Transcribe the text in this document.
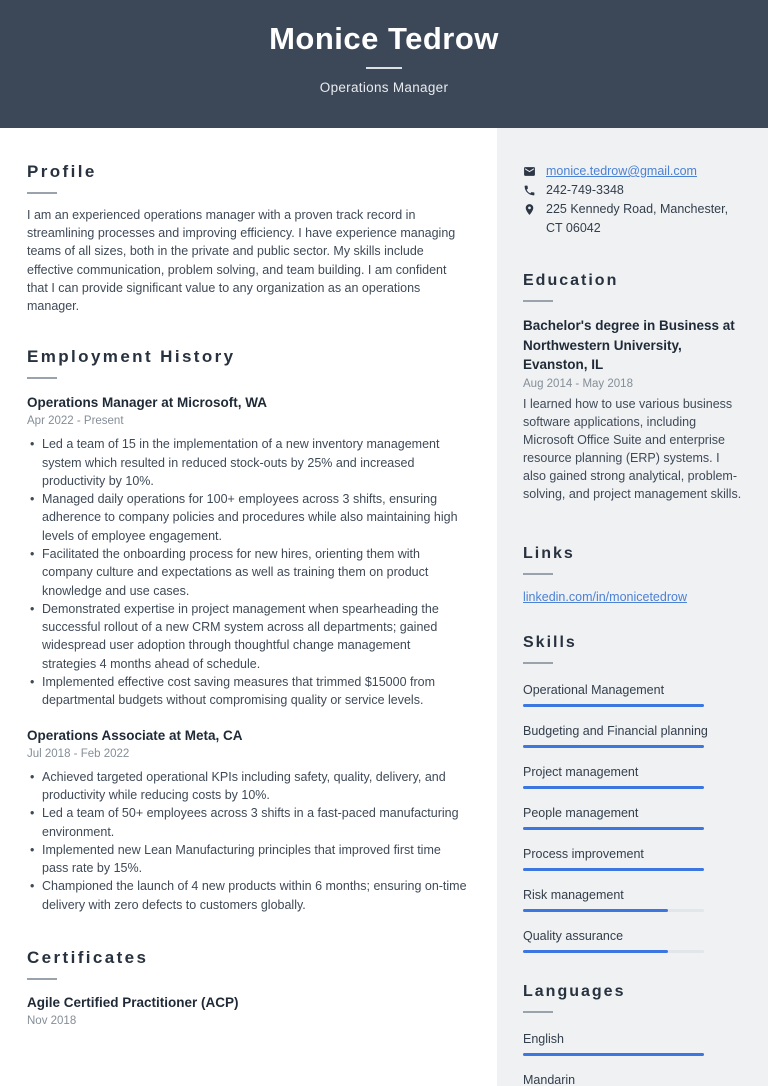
Monice Tedrow
Operations Manager
Profile

I am an experienced operations manager with a proven track record in streamlining processes and improving efficiency. I have experience managing teams of all sizes, both in the private and public sector. My skills include effective communication, problem solving, and team building. I am confident that I can provide significant value to any organization as an operations manager.

Employment History
Operations Manager at Microsoft, WA
Apr 2022 - Present
• Led a team of 15 in the implementation of a new inventory management system which resulted in reduced stock-outs by 25% and increased productivity by 10%.
• Managed daily operations for 100+ employees across 3 shifts, ensuring adherence to company policies and procedures while also maintaining high levels of employee engagement.
• Facilitated the onboarding process for new hires, orienting them with company culture and expectations as well as training them on product knowledge and use cases.
• Demonstrated expertise in project management when spearheading the successful rollout of a new CRM system across all departments; gained widespread user adoption through thoughtful change management strategies 4 months ahead of schedule.
• Implemented effective cost saving measures that trimmed $15000 from departmental budgets without compromising quality or service levels.
Operations Associate at Meta, CA
Jul 2018 - Feb 2022
• Achieved targeted operational KPIs including safety, quality, delivery, and productivity while reducing costs by 10%.
• Led a team of 50+ employees across 3 shifts in a fast-paced manufacturing environment.
• Implemented new Lean Manufacturing principles that improved first time pass rate by 15%.
• Championed the launch of 4 new products within 6 months; ensuring on-time delivery with zero defects to customers globally.
Certificates
Agile Certified Practitioner (ACP)
Nov 2018
monice.tedrow@gmail.com
242-749-3348
225 Kennedy Road, Manchester, CT 06042
Education
Bachelor's degree in Business at Northwestern University, Evanston, IL
Aug 2014 - May 2018
I learned how to use various business software applications, including Microsoft Office Suite and enterprise resource planning (ERP) systems. I also gained strong analytical, problem-solving, and project management skills.
Links
linkedin.com/in/monicetedrow
Skills
Operational Management
Budgeting and Financial planning
Project management
People management
Process improvement
Risk management
Quality assurance
Languages
English
Mandarin
